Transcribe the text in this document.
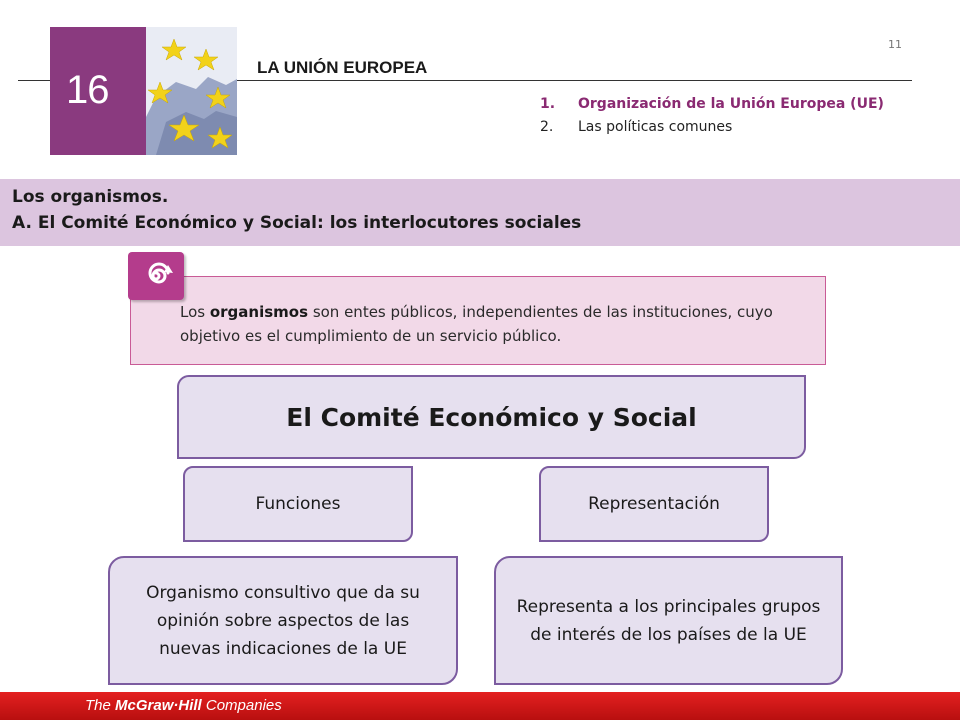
16
LA UNIÓN EUROPEA
11
1.	Organización de la Unión Europea (UE)
2.	Las políticas comunes
Los organismos.
A. El Comité Económico y Social: los interlocutores sociales
Los organismos son entes públicos, independientes de las instituciones, cuyo objetivo es el cumplimiento de un servicio público.
El Comité Económico y Social
Funciones	Representación
Organismo consultivo que da su opinión sobre aspectos de las nuevas indicaciones de la UE
Representa a los principales grupos de interés de los países de la UE
The McGraw·Hill Companies
